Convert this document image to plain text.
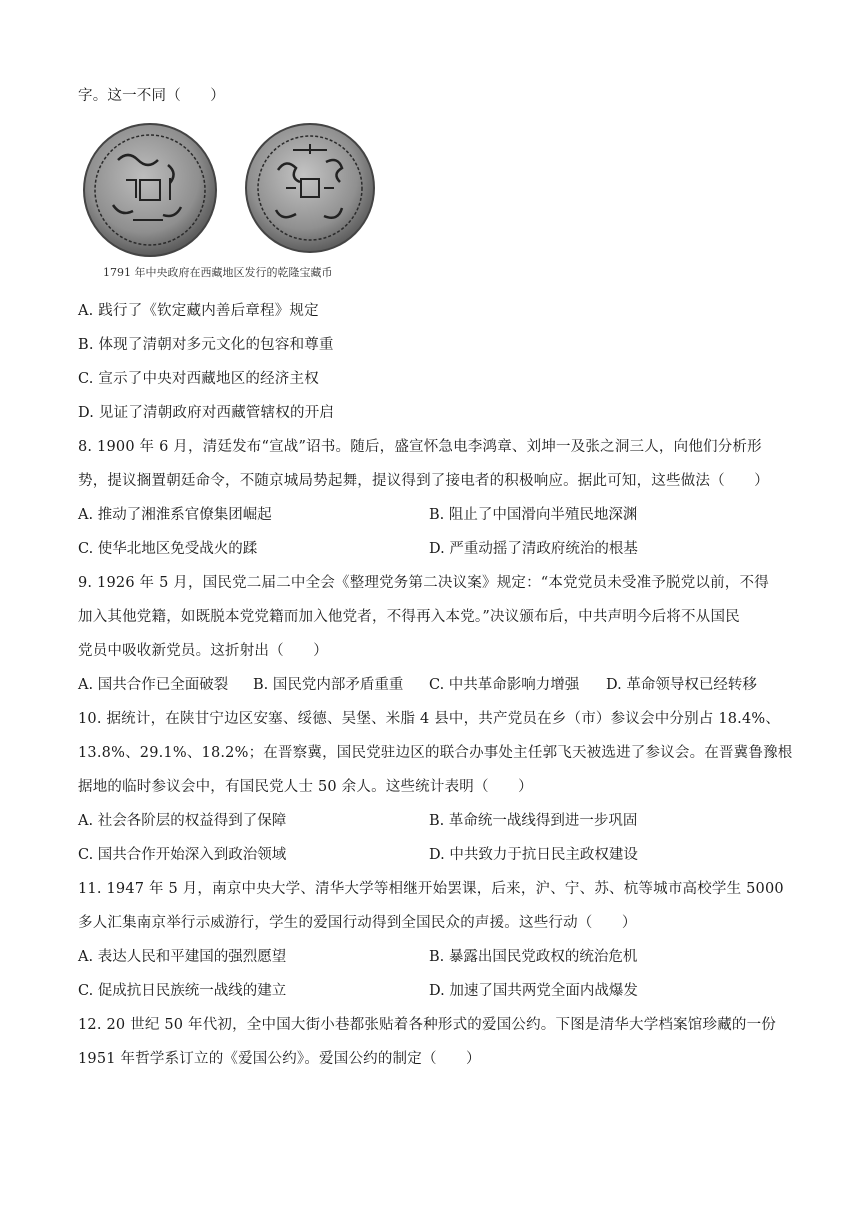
字。这一不同（　　）
1791 年中央政府在西藏地区发行的乾隆宝藏币
A. 践行了《钦定藏内善后章程》规定
B. 体现了清朝对多元文化的包容和尊重
C. 宣示了中央对西藏地区的经济主权
D. 见证了清朝政府对西藏管辖权的开启
8. 1900 年 6 月，清廷发布“宣战”诏书。随后，盛宣怀急电李鸿章、刘坤一及张之洞三人，向他们分析形
势，提议搁置朝廷命令，不随京城局势起舞，提议得到了接电者的积极响应。据此可知，这些做法（　　）
A. 推动了湘淮系官僚集团崛起	B. 阻止了中国滑向半殖民地深渊
C. 使华北地区免受战火的蹂	D. 严重动摇了清政府统治的根基
9. 1926 年 5 月，国民党二届二中全会《整理党务第二决议案》规定：“本党党员未受准予脱党以前，不得
加入其他党籍，如既脱本党党籍而加入他党者，不得再入本党。”决议颁布后，中共声明今后将不从国民
党员中吸收新党员。这折射出（　　）
A. 国共合作已全面破裂 B. 国民党内部矛盾重重 C. 中共革命影响力增强 D. 革命领导权已经转移
10. 据统计，在陕甘宁边区安塞、绥德、吴堡、米脂 4 县中，共产党员在乡（市）参议会中分别占 18.4%、
13.8%、29.1%、18.2%；在晋察冀，国民党驻边区的联合办事处主任郭飞天被选进了参议会。在晋冀鲁豫根
据地的临时参议会中，有国民党人士 50 余人。这些统计表明（　　）
A. 社会各阶层的权益得到了保障	B. 革命统一战线得到进一步巩固
C. 国共合作开始深入到政治领域	D. 中共致力于抗日民主政权建设
11. 1947 年 5 月，南京中央大学、清华大学等相继开始罢课，后来，沪、宁、苏、杭等城市高校学生 5000
多人汇集南京举行示威游行，学生的爱国行动得到全国民众的声援。这些行动（　　）
A. 表达人民和平建国的强烈愿望	B. 暴露出国民党政权的统治危机
C. 促成抗日民族统一战线的建立	D. 加速了国共两党全面内战爆发
12. 20 世纪 50 年代初，全中国大街小巷都张贴着各种形式的爱国公约。下图是清华大学档案馆珍藏的一份
1951 年哲学系订立的《爱国公约》。爱国公约的制定（　　）
